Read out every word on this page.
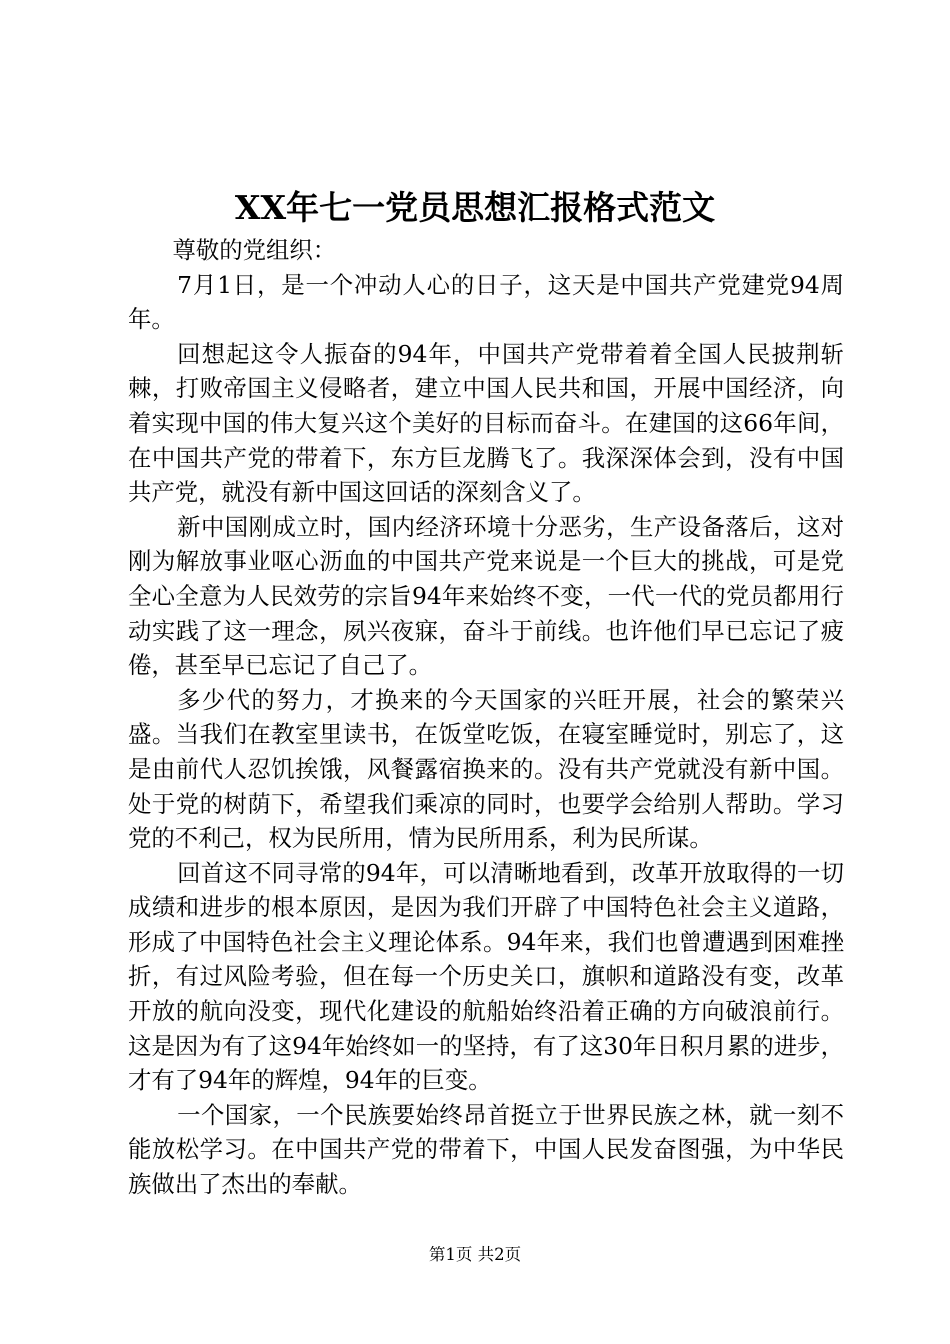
XX年七一党员思想汇报格式范文

尊敬的党组织：

7月1日，是一个冲动人心的日子，这天是中国共产党建党94周年。

回想起这令人振奋的94年，中国共产党带着着全国人民披荆斩棘，打败帝国主义侵略者，建立中国人民共和国，开展中国经济，向着实现中国的伟大复兴这个美好的目标而奋斗。在建国的这66年间，在中国共产党的带着下，东方巨龙腾飞了。我深深体会到，没有中国共产党，就没有新中国这回话的深刻含义了。

新中国刚成立时，国内经济环境十分恶劣，生产设备落后，这对刚为解放事业呕心沥血的中国共产党来说是一个巨大的挑战，可是党全心全意为人民效劳的宗旨94年来始终不变，一代一代的党员都用行动实践了这一理念，夙兴夜寐，奋斗于前线。也许他们早已忘记了疲倦，甚至早已忘记了自己了。

多少代的努力，才换来的今天国家的兴旺开展，社会的繁荣兴盛。当我们在教室里读书，在饭堂吃饭，在寝室睡觉时，别忘了，这是由前代人忍饥挨饿，风餐露宿换来的。没有共产党就没有新中国。处于党的树荫下，希望我们乘凉的同时，也要学会给别人帮助。学习党的不利己，权为民所用，情为民所用系，利为民所谋。

回首这不同寻常的94年，可以清晰地看到，改革开放取得的一切成绩和进步的根本原因，是因为我们开辟了中国特色社会主义道路，形成了中国特色社会主义理论体系。94年来，我们也曾遭遇到困难挫折，有过风险考验，但在每一个历史关口，旗帜和道路没有变，改革开放的航向没变，现代化建设的航船始终沿着正确的方向破浪前行。这是因为有了这94年始终如一的坚持，有了这30年日积月累的进步，才有了94年的辉煌，94年的巨变。

一个国家，一个民族要始终昂首挺立于世界民族之林，就一刻不能放松学习。在中国共产党的带着下，中国人民发奋图强，为中华民族做出了杰出的奉献。

第1页 共2页
